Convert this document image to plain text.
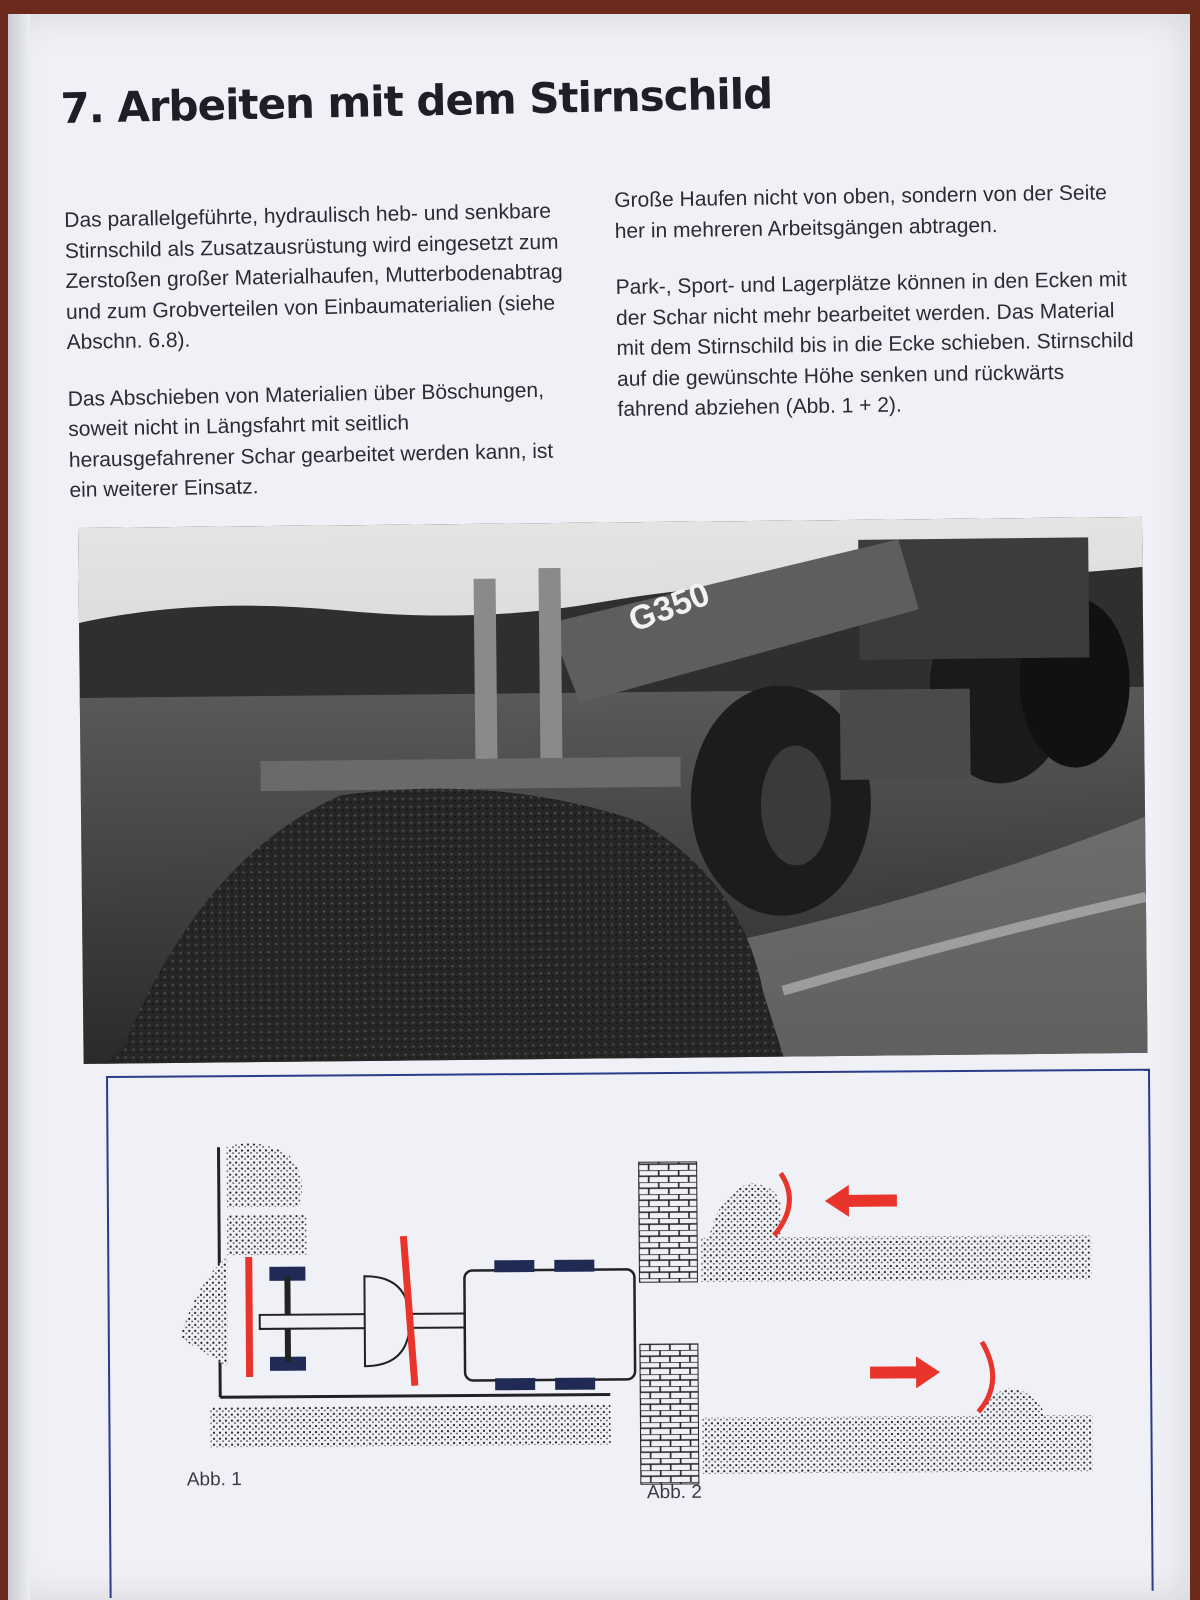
7. Arbeiten mit dem Stirnschild

Das parallelgeführte, hydraulisch heb- und senkbare Stirnschild als Zusatzausrüstung wird eingesetzt zum Zerstoßen großer Materialhaufen, Mutterbodenabtrag und zum Grobverteilen von Einbaumaterialien (siehe Abschn. 6.8).

Das Abschieben von Materialien über Böschungen, soweit nicht in Längsfahrt mit seitlich herausgefahrener Schar gearbeitet werden kann, ist ein weiterer Einsatz.

Große Haufen nicht von oben, sondern von der Seite her in mehreren Arbeitsgängen abtragen.

Park-, Sport- und Lagerplätze können in den Ecken mit der Schar nicht mehr bearbeitet werden. Das Material mit dem Stirnschild bis in die Ecke schieben. Stirnschild auf die gewünschte Höhe senken und rückwärts fahrend abziehen (Abb. 1 + 2).

G350
Abb. 1
Abb. 2
